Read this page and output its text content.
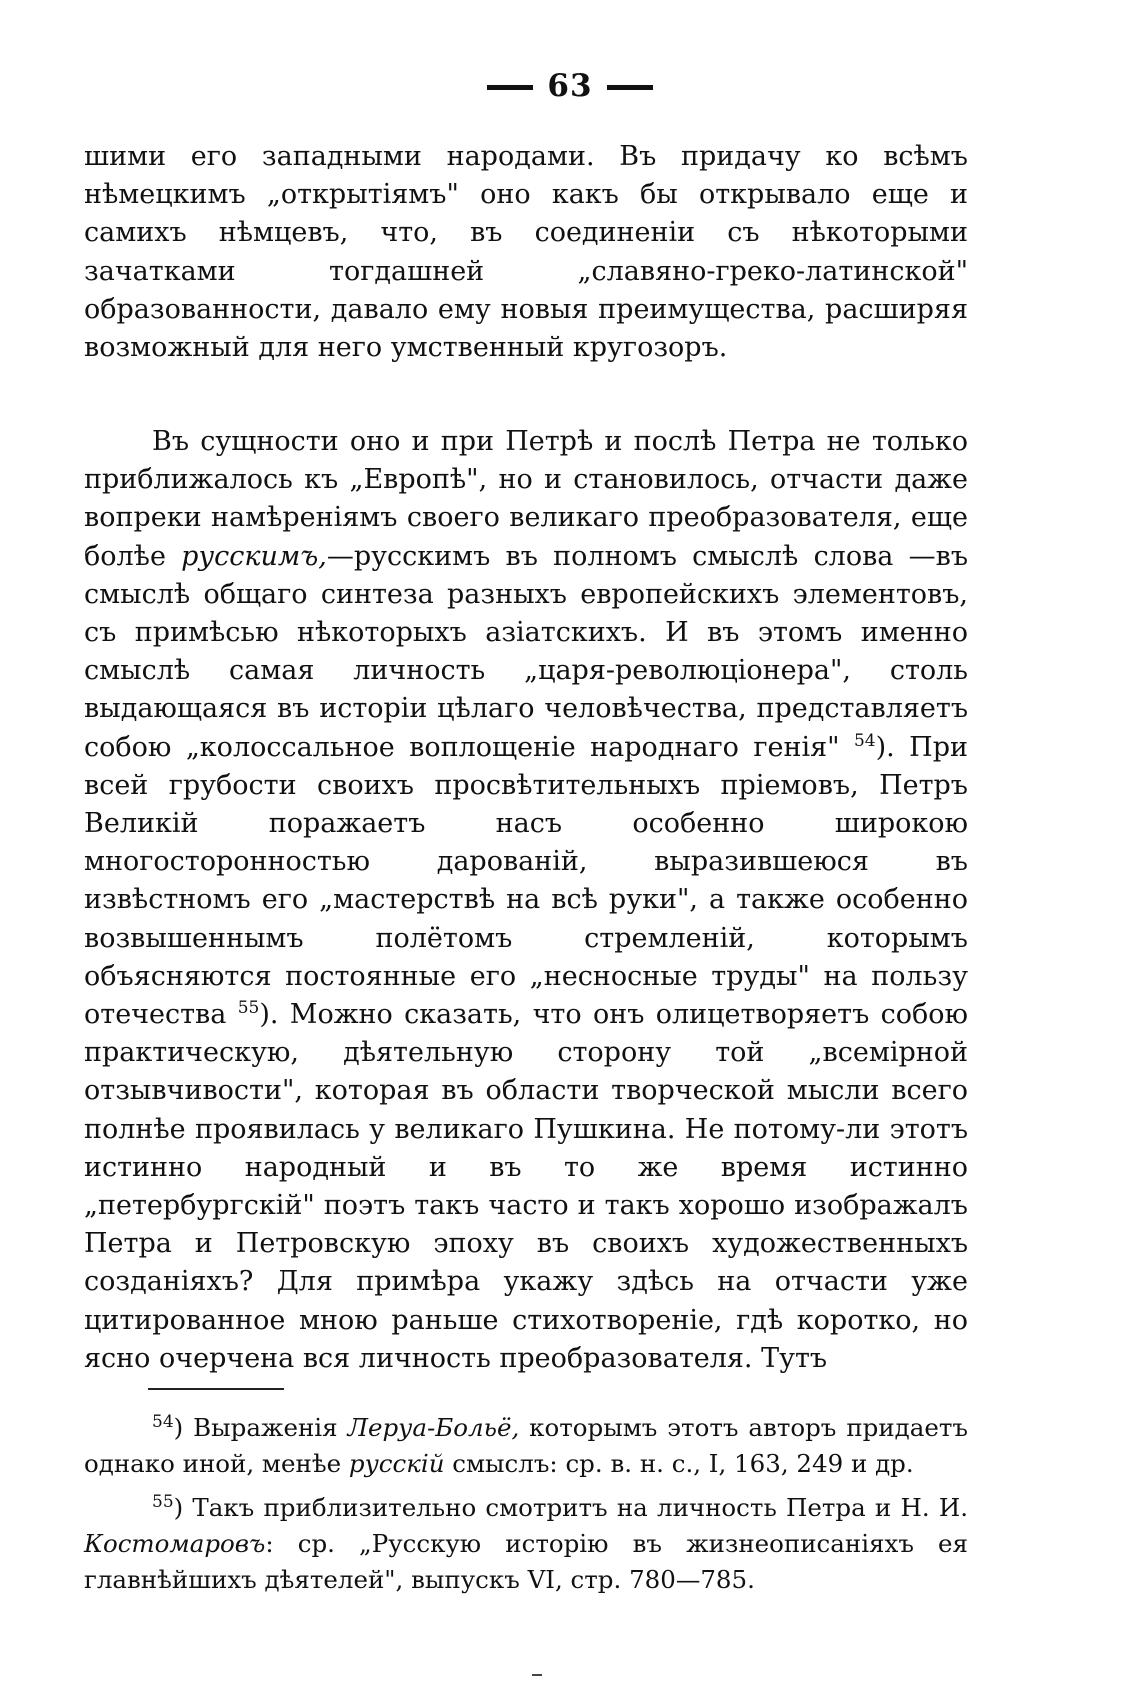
63

шими его западными народами. Въ придачу ко всѣмъ нѣмецкимъ „открытіямъ" оно какъ бы открывало еще и самихъ нѣмцевъ, что, въ соединеніи съ нѣкоторыми зачатками тогдашней „славяно-греко-латинской" образованности, давало ему новыя преимущества, расширяя возможный для него умственный кругозоръ.

Въ сущности оно и при Петрѣ и послѣ Петра не только приближалось къ „Европѣ", но и становилось, отчасти даже вопреки намѣреніямъ своего великаго преобразователя, еще болѣе русскимъ,—русскимъ въ полномъ смыслѣ слова —въ смыслѣ общаго синтеза разныхъ европейскихъ элементовъ, съ примѣсью нѣкоторыхъ азіатскихъ. И въ этомъ именно смыслѣ самая личность „царя-революціонера", столь выдающаяся въ исторіи цѣлаго человѣчества, представляетъ собою „колоссальное воплощеніе народнаго генія" $^{54}$). При всей грубости своихъ просвѣтительныхъ пріемовъ, Петръ Великій поражаетъ насъ особенно широкою многосторонностью дарованій, выразившеюся въ извѣстномъ его „мастерствѣ на всѣ руки", а также особенно возвышеннымъ полётомъ стремленій, которымъ объясняются постоянные его „несносные труды" на пользу отечества $^{55}$). Можно сказать, что онъ олицетворяетъ собою практическую, дѣятельную сторону той „всемірной отзывчивости", которая въ области творческой мысли всего полнѣе проявилась у великаго Пушкина. Не потому-ли этотъ истинно народный и въ то же время истинно „петербургскій" поэтъ такъ часто и такъ хорошо изображалъ Петра и Петровскую эпоху въ своихъ художественныхъ созданіяхъ? Для примѣра укажу здѣсь на отчасти уже цитированное мною раньше стихотвореніе, гдѣ коротко, но ясно очерчена вся личность преобразователя. Тутъ

$^{54}$) Выраженія Леруа-Больё, которымъ этотъ авторъ придаетъ однако иной, менѣе русскій смыслъ: ср. в. н. с., I, 163, 249 и др.

$^{55}$) Такъ приблизительно смотритъ на личность Петра и Н. И. Костомаровъ: ср. „Русскую исторію въ жизнеописаніяхъ ея главнѣйшихъ дѣятелей", выпускъ VI, стр. 780—785.
